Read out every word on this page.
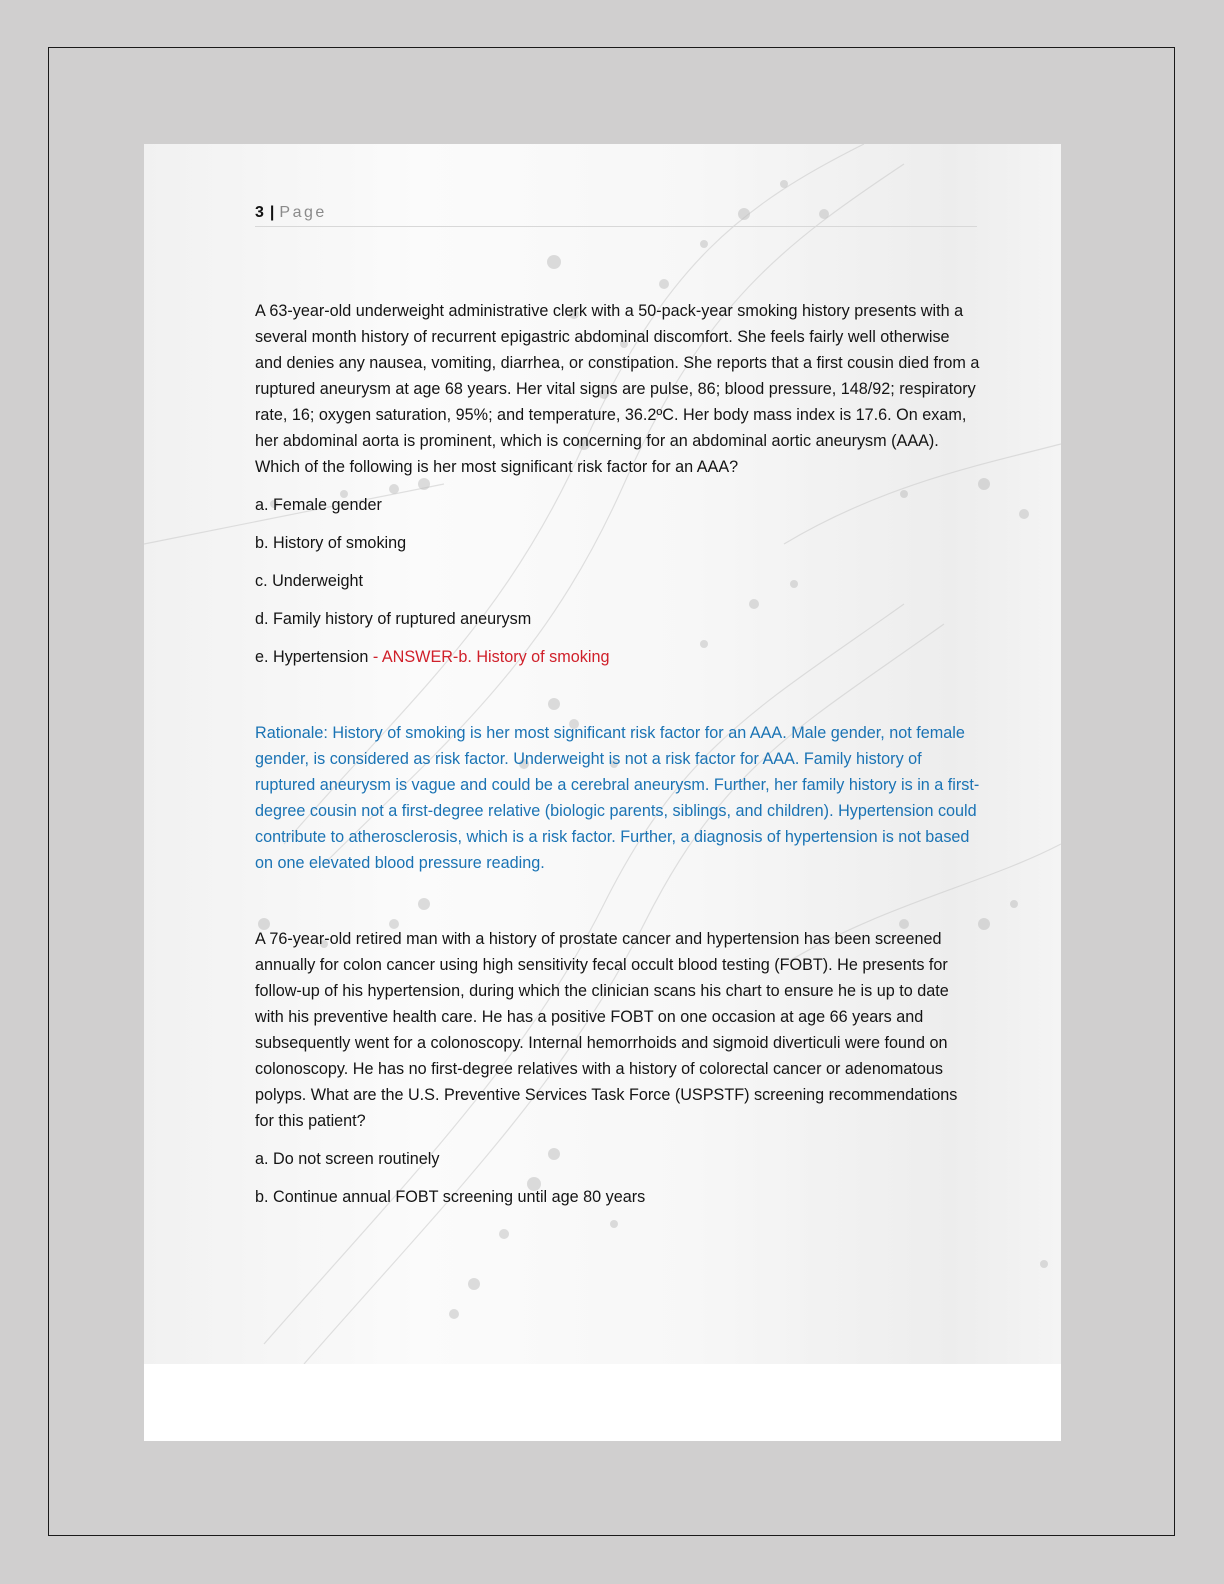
3 | Page

A 63-year-old underweight administrative clerk with a 50-pack-year smoking history presents with a several month history of recurrent epigastric abdominal discomfort. She feels fairly well otherwise and denies any nausea, vomiting, diarrhea, or constipation. She reports that a first cousin died from a ruptured aneurysm at age 68 years. Her vital signs are pulse, 86; blood pressure, 148/92; respiratory rate, 16; oxygen saturation, 95%; and temperature, 36.2ºC. Her body mass index is 17.6. On exam, her abdominal aorta is prominent, which is concerning for an abdominal aortic aneurysm (AAA). Which of the following is her most significant risk factor for an AAA?

a. Female gender

b. History of smoking

c. Underweight

d. Family history of ruptured aneurysm

e. Hypertension - ANSWER-b. History of smoking

Rationale: History of smoking is her most significant risk factor for an AAA. Male gender, not female gender, is considered as risk factor. Underweight is not a risk factor for AAA. Family history of ruptured aneurysm is vague and could be a cerebral aneurysm. Further, her family history is in a first-degree cousin not a first-degree relative (biologic parents, siblings, and children). Hypertension could contribute to atherosclerosis, which is a risk factor. Further, a diagnosis of hypertension is not based on one elevated blood pressure reading.

A 76-year-old retired man with a history of prostate cancer and hypertension has been screened annually for colon cancer using high sensitivity fecal occult blood testing (FOBT). He presents for follow-up of his hypertension, during which the clinician scans his chart to ensure he is up to date with his preventive health care. He has a positive FOBT on one occasion at age 66 years and subsequently went for a colonoscopy. Internal hemorrhoids and sigmoid diverticuli were found on colonoscopy. He has no first-degree relatives with a history of colorectal cancer or adenomatous polyps. What are the U.S. Preventive Services Task Force (USPSTF) screening recommendations for this patient?

a. Do not screen routinely

b. Continue annual FOBT screening until age 80 years
